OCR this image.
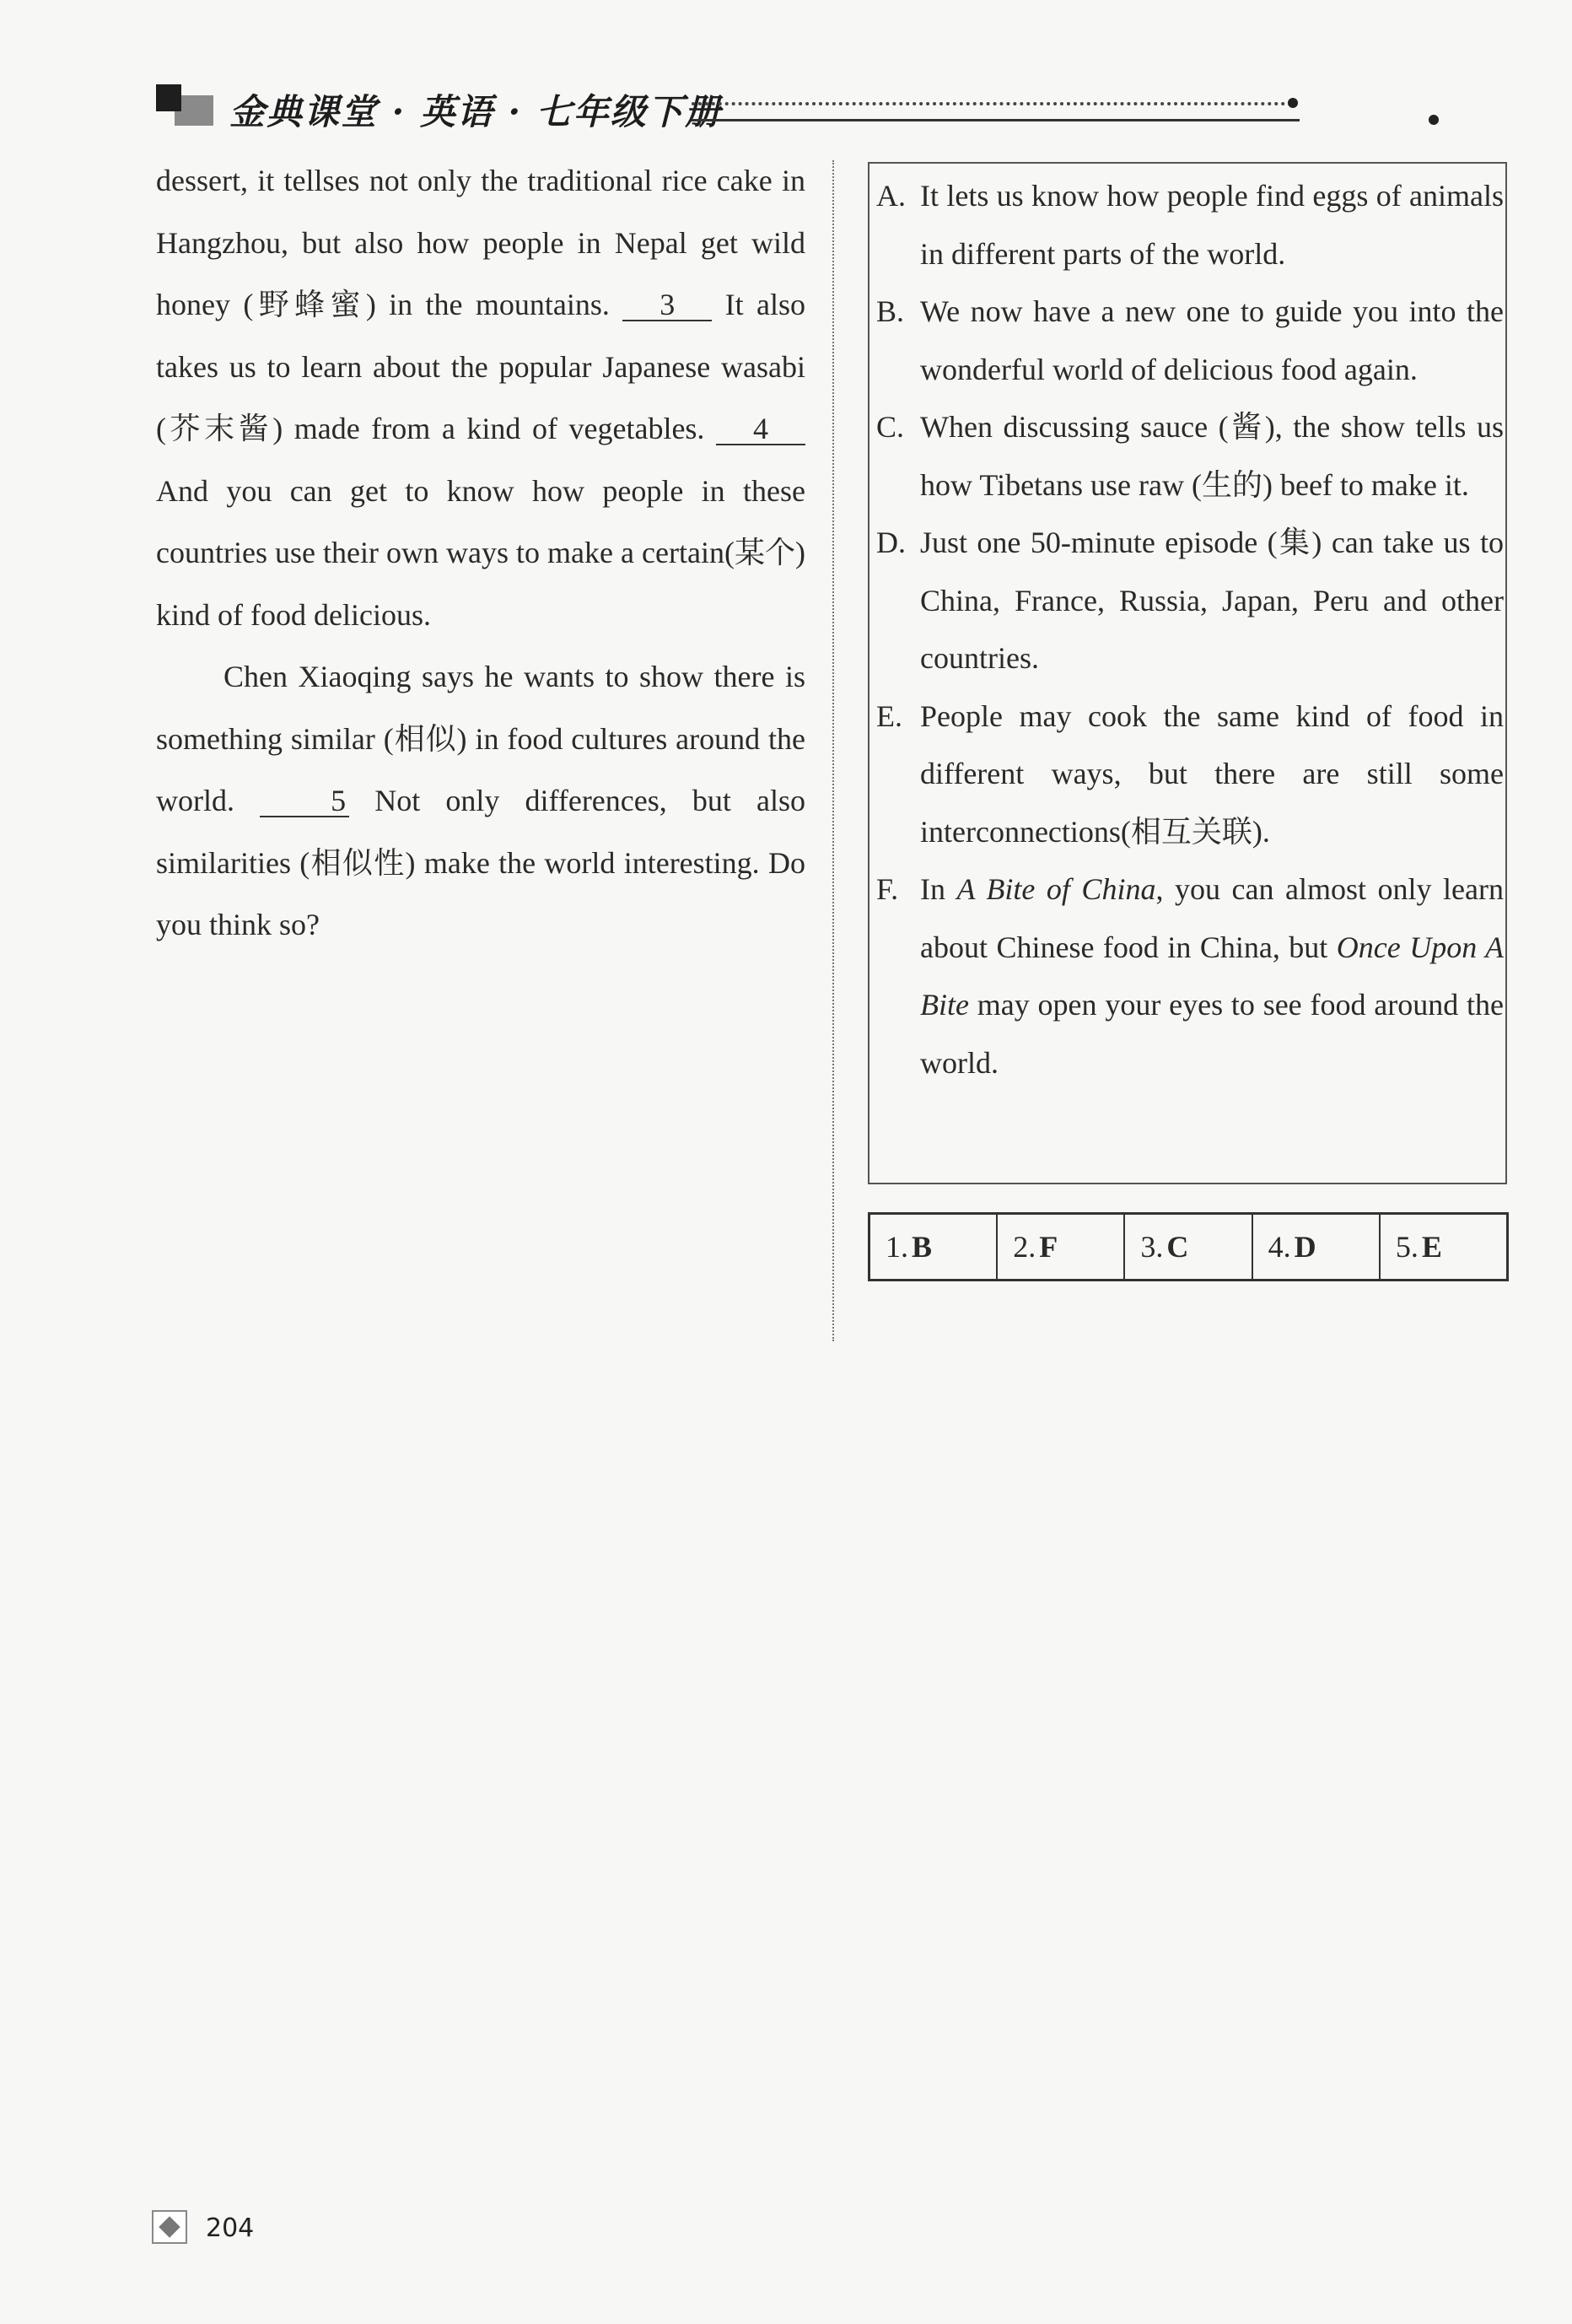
金典课堂 · 英语 · 七年级下册

dessert, it tellses not only the traditional rice cake in Hangzhou, but also how people in Nepal get wild honey (野蜂蜜) in the mountains. 3 It also takes us to learn about the popular Japanese wasabi (芥末酱) made from a kind of vegetables. 4 And you can get to know how people in these countries use their own ways to make a certain(某个) kind of food delicious.

Chen Xiaoqing says he wants to show there is something similar (相似) in food cultures around the world. 5 Not only differences, but also similarities (相似性) make the world interesting. Do you think so?

A. It lets us know how people find eggs of animals in different parts of the world.
B. We now have a new one to guide you into the wonderful world of delicious food again.
C. When discussing sauce (酱), the show tells us how Tibetans use raw (生的) beef to make it.
D. Just one 50-minute episode (集) can take us to China, France, Russia, Japan, Peru and other countries.
E. People may cook the same kind of food in different ways, but there are still some interconnections(相互关联).
F. In A Bite of China, you can almost only learn about Chinese food in China, but Once Upon A Bite may open your eyes to see food around the world.
1. B	2. F	3. C	4. D	5. E
204
